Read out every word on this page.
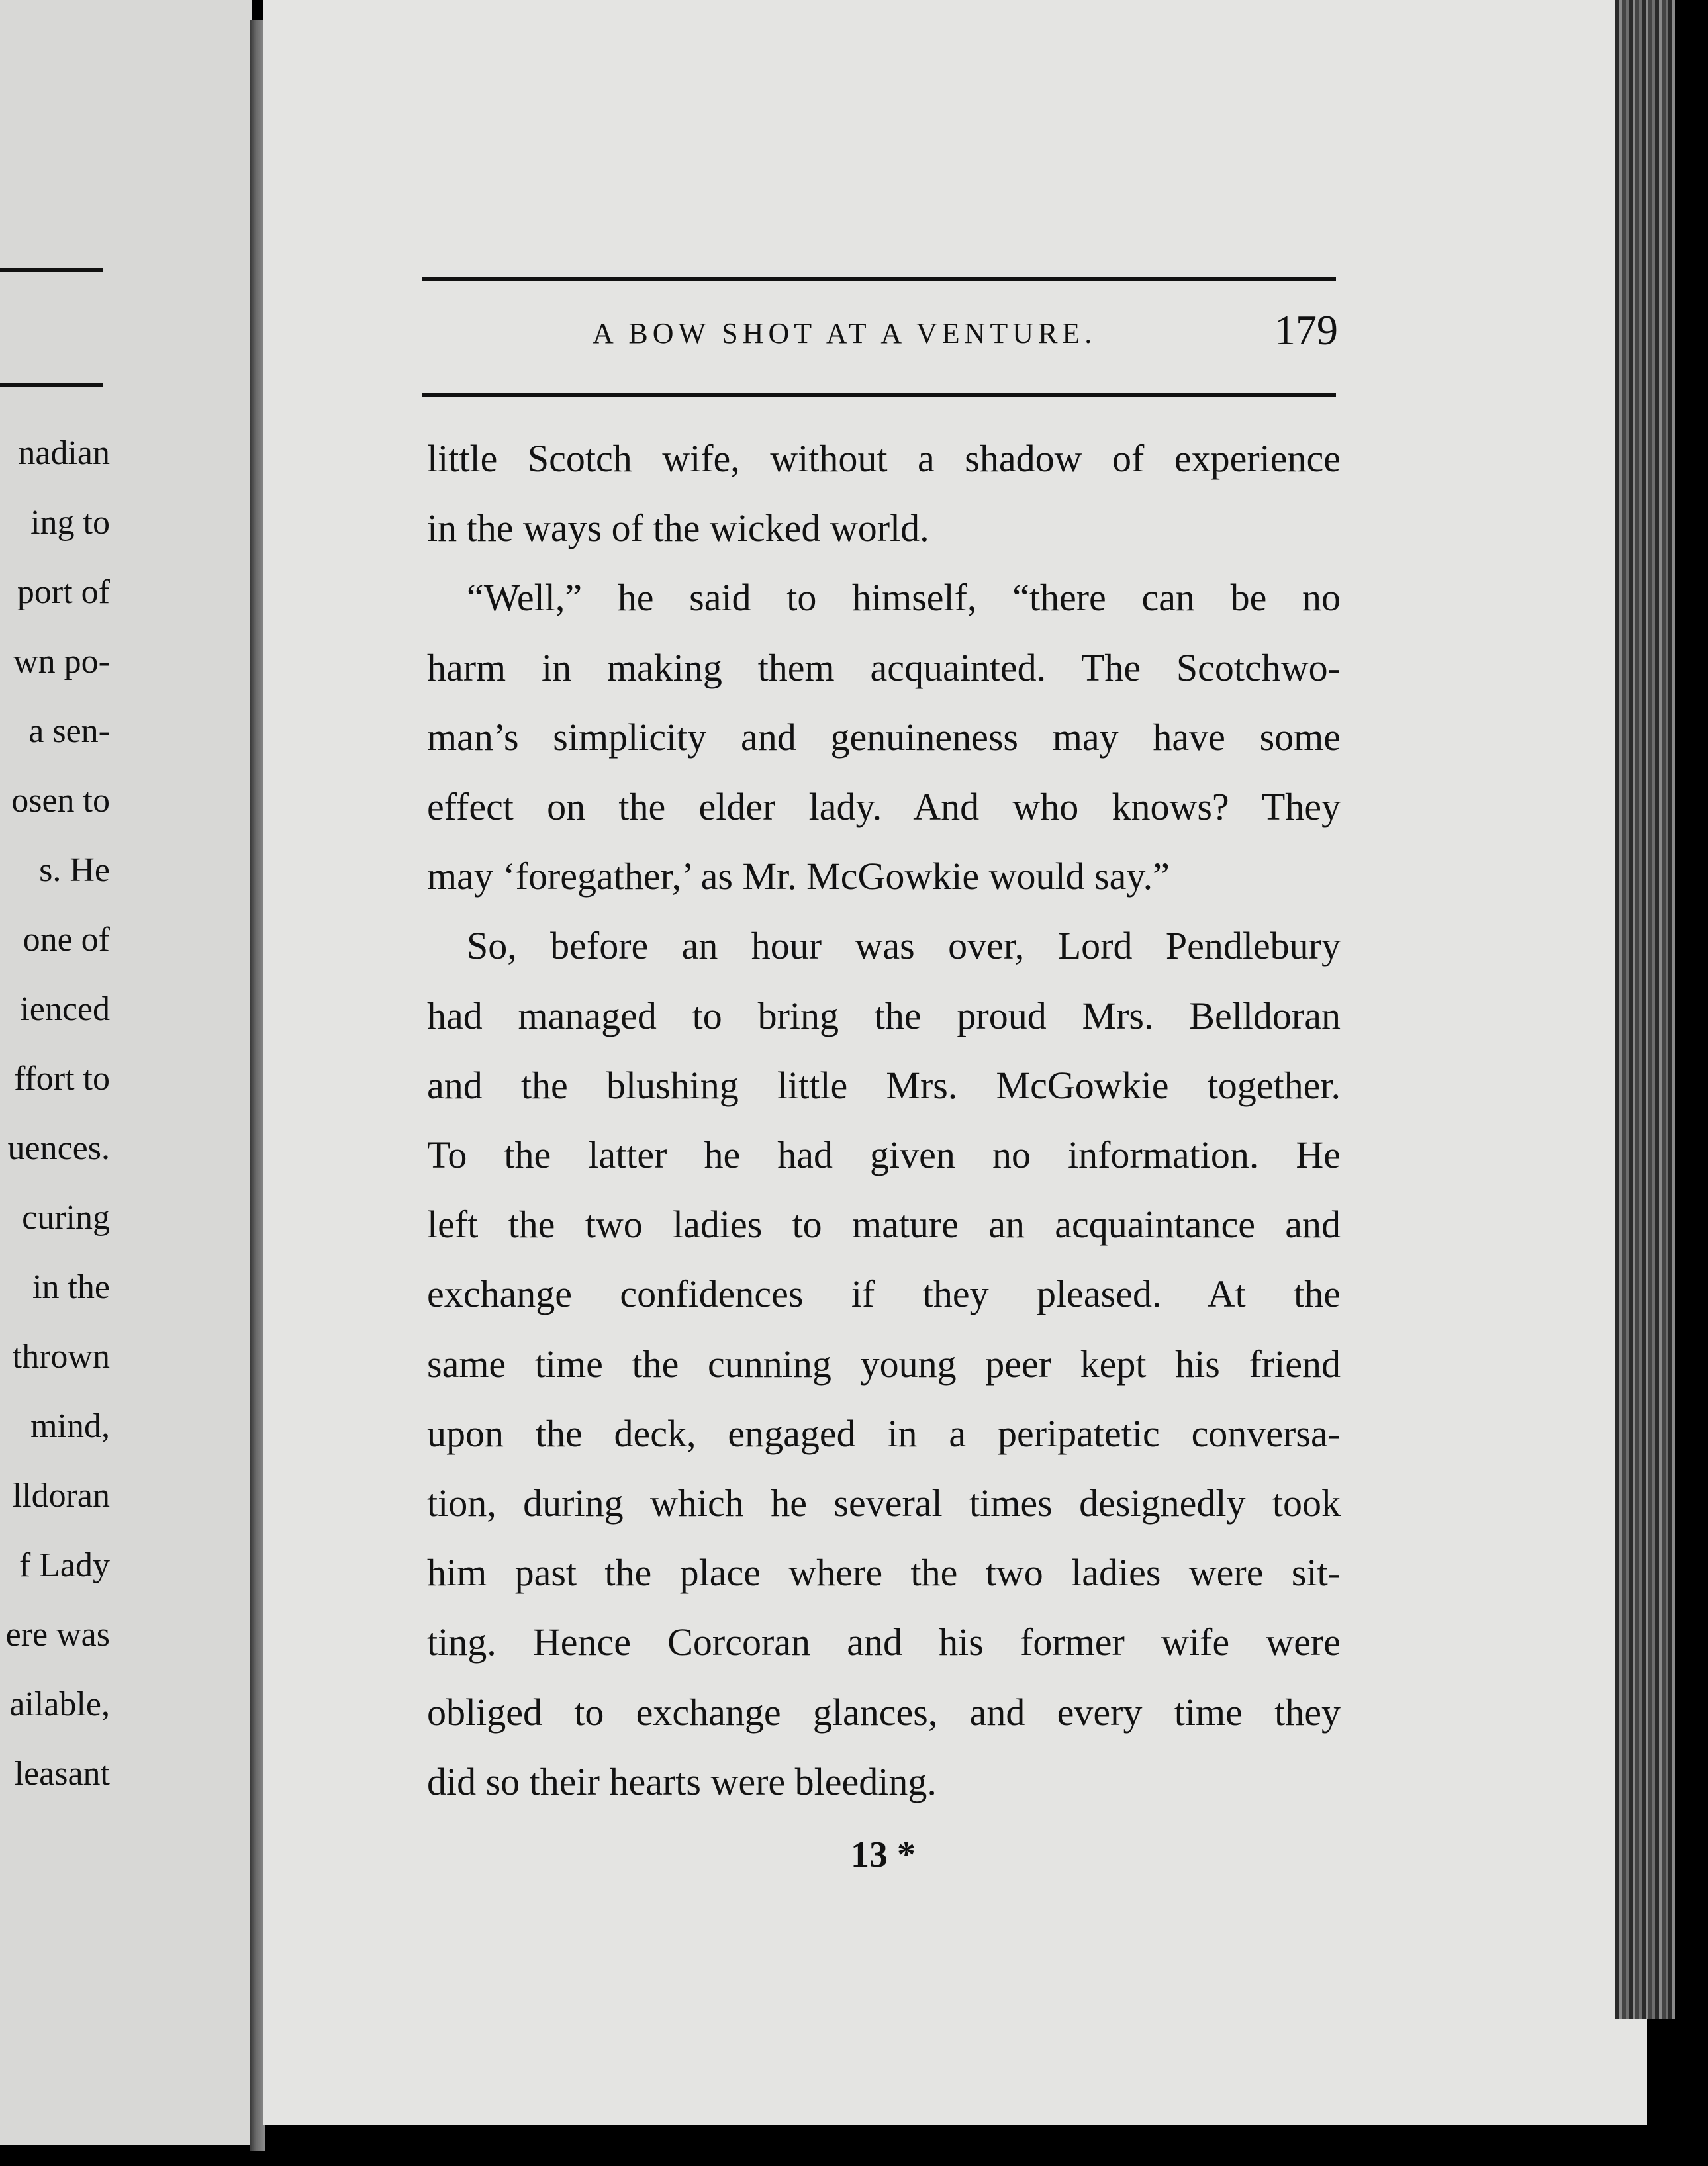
nadian
ing to
port of
wn po-
a sen-
osen to
s. He
one of
ienced
ffort to
uences.
curing
in the
thrown
mind,
lldoran
f Lady
ere was
ailable,
leasant
A BOW SHOT AT A VENTURE.	179
little Scotch wife, without a shadow of experience
in the ways of the wicked world.
“Well,” he said to himself, “there can be no
harm in making them acquainted. The Scotchwo-
man’s simplicity and genuineness may have some
effect on the elder lady. And who knows? They
may ‘foregather,’ as Mr. McGowkie would say.”
So, before an hour was over, Lord Pendlebury
had managed to bring the proud Mrs. Belldoran
and the blushing little Mrs. McGowkie together.
To the latter he had given no information. He
left the two ladies to mature an acquaintance and
exchange confidences if they pleased. At the
same time the cunning young peer kept his friend
upon the deck, engaged in a peripatetic conversa-
tion, during which he several times designedly took
him past the place where the two ladies were sit-
ting. Hence Corcoran and his former wife were
obliged to exchange glances, and every time they
did so their hearts were bleeding.
13 *
